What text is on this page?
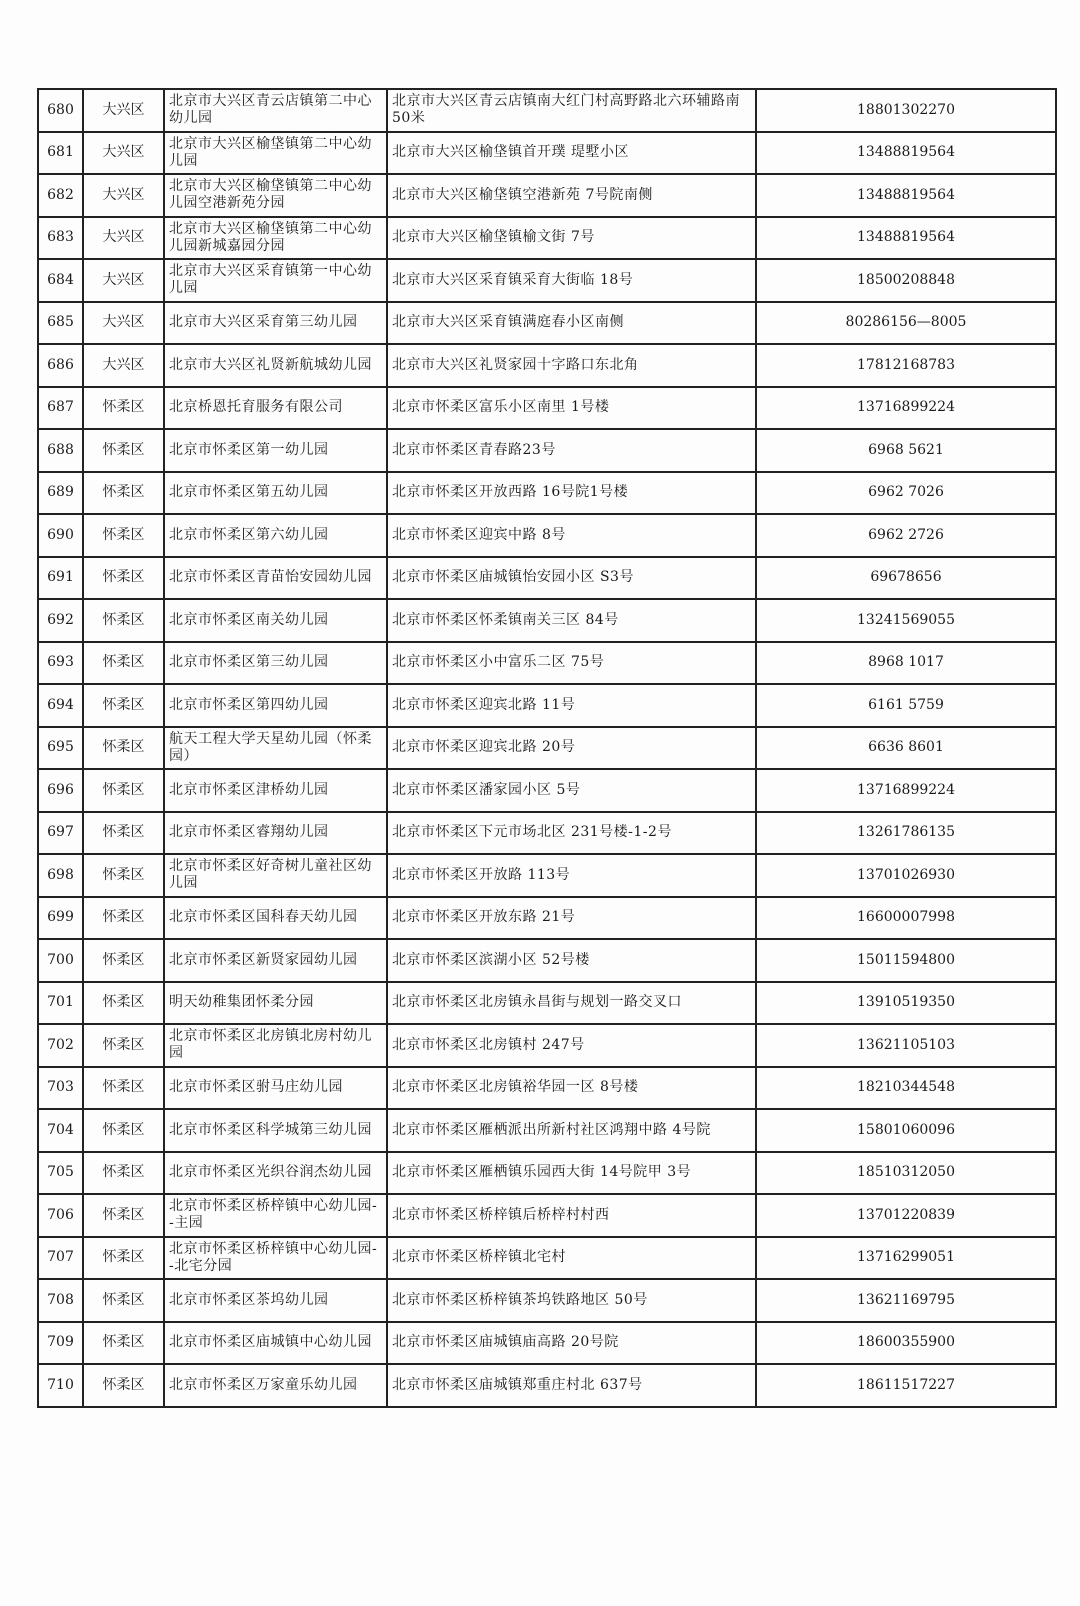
680	大兴区	北京市大兴区青云店镇第二中心幼儿园	北京市大兴区青云店镇南大红门村高野路北六环辅路南50米	18801302270
681	大兴区	北京市大兴区榆垡镇第二中心幼儿园	北京市大兴区榆垡镇首开璞 瑅墅小区	13488819564
682	大兴区	北京市大兴区榆垡镇第二中心幼儿园空港新苑分园	北京市大兴区榆垡镇空港新苑 7号院南侧	13488819564
683	大兴区	北京市大兴区榆垡镇第二中心幼儿园新城嘉园分园	北京市大兴区榆垡镇榆文街 7号	13488819564
684	大兴区	北京市大兴区采育镇第一中心幼儿园	北京市大兴区采育镇采育大街临 18号	18500208848
685	大兴区	北京市大兴区采育第三幼儿园	北京市大兴区采育镇满庭春小区南侧	80286156—8005
686	大兴区	北京市大兴区礼贤新航城幼儿园	北京市大兴区礼贤家园十字路口东北角	17812168783
687	怀柔区	北京桥恩托育服务有限公司	北京市怀柔区富乐小区南里 1号楼	13716899224
688	怀柔区	北京市怀柔区第一幼儿园	北京市怀柔区青春路23号	6968 5621
689	怀柔区	北京市怀柔区第五幼儿园	北京市怀柔区开放西路 16号院1号楼	6962 7026
690	怀柔区	北京市怀柔区第六幼儿园	北京市怀柔区迎宾中路 8号	6962 2726
691	怀柔区	北京市怀柔区青苗怡安园幼儿园	北京市怀柔区庙城镇怡安园小区 S3号	69678656
692	怀柔区	北京市怀柔区南关幼儿园	北京市怀柔区怀柔镇南关三区 84号	13241569055
693	怀柔区	北京市怀柔区第三幼儿园	北京市怀柔区小中富乐二区 75号	8968 1017
694	怀柔区	北京市怀柔区第四幼儿园	北京市怀柔区迎宾北路 11号	6161 5759
695	怀柔区	航天工程大学天星幼儿园（怀柔园）	北京市怀柔区迎宾北路 20号	6636 8601
696	怀柔区	北京市怀柔区津桥幼儿园	北京市怀柔区潘家园小区 5号	13716899224
697	怀柔区	北京市怀柔区睿翔幼儿园	北京市怀柔区下元市场北区 231号楼-1-2号	13261786135
698	怀柔区	北京市怀柔区好奇树儿童社区幼儿园	北京市怀柔区开放路 113号	13701026930
699	怀柔区	北京市怀柔区国科春天幼儿园	北京市怀柔区开放东路 21号	16600007998
700	怀柔区	北京市怀柔区新贤家园幼儿园	北京市怀柔区滨湖小区 52号楼	15011594800
701	怀柔区	明天幼稚集团怀柔分园	北京市怀柔区北房镇永昌街与规划一路交叉口	13910519350
702	怀柔区	北京市怀柔区北房镇北房村幼儿园	北京市怀柔区北房镇村 247号	13621105103
703	怀柔区	北京市怀柔区驸马庄幼儿园	北京市怀柔区北房镇裕华园一区 8号楼	18210344548
704	怀柔区	北京市怀柔区科学城第三幼儿园	北京市怀柔区雁栖派出所新村社区鸿翔中路 4号院	15801060096
705	怀柔区	北京市怀柔区光织谷润杰幼儿园	北京市怀柔区雁栖镇乐园西大街 14号院甲 3号	18510312050
706	怀柔区	北京市怀柔区桥梓镇中心幼儿园--主园	北京市怀柔区桥梓镇后桥梓村村西	13701220839
707	怀柔区	北京市怀柔区桥梓镇中心幼儿园--北宅分园	北京市怀柔区桥梓镇北宅村	13716299051
708	怀柔区	北京市怀柔区茶坞幼儿园	北京市怀柔区桥梓镇茶坞铁路地区 50号	13621169795
709	怀柔区	北京市怀柔区庙城镇中心幼儿园	北京市怀柔区庙城镇庙高路 20号院	18600355900
710	怀柔区	北京市怀柔区万家童乐幼儿园	北京市怀柔区庙城镇郑重庄村北 637号	18611517227
